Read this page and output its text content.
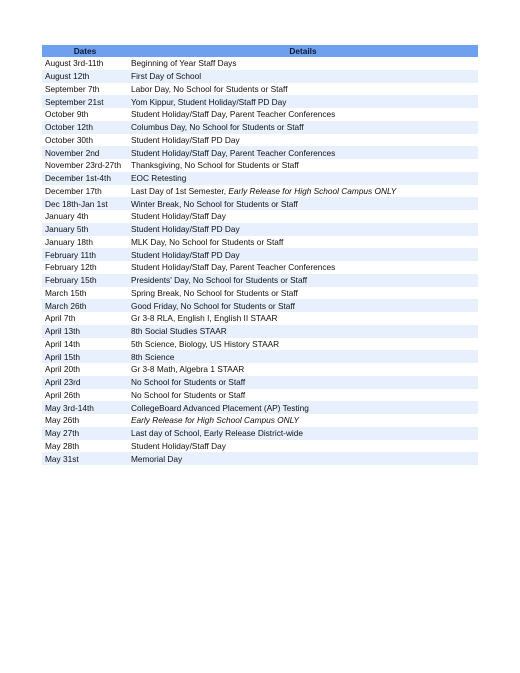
Dates	Details
August 3rd-11th	Beginning of Year Staff Days
August 12th	First Day of School
September 7th	Labor Day, No School for Students or Staff
September 21st	Yom Kippur, Student Holiday/Staff PD Day
October 9th	Student Holiday/Staff Day, Parent Teacher Conferences
October 12th	Columbus Day, No School for Students or Staff
October 30th	Student Holiday/Staff PD Day
November 2nd	Student Holiday/Staff Day, Parent Teacher Conferences
November 23rd-27th	Thanksgiving, No School for Students or Staff
December 1st-4th	EOC Retesting
December 17th	Last Day of 1st Semester, Early Release for High School Campus ONLY
Dec 18th-Jan 1st	Winter Break, No School for Students or Staff
January 4th	Student Holiday/Staff Day
January 5th	Student Holiday/Staff PD Day
January 18th	MLK Day, No School for Students or Staff
February 11th	Student Holiday/Staff PD Day
February 12th	Student Holiday/Staff Day, Parent Teacher Conferences
February 15th	Presidents' Day, No School for Students or Staff
March 15th	Spring Break, No School for Students or Staff
March 26th	Good Friday, No School for Students or Staff
April 7th	Gr 3-8 RLA, English I, English II STAAR
April 13th	8th Social Studies STAAR
April 14th	5th Science, Biology, US History STAAR
April 15th	8th Science
April 20th	Gr 3-8 Math, Algebra 1 STAAR
April 23rd	No School for Students or Staff
April 26th	No School for Students or Staff
May 3rd-14th	CollegeBoard Advanced Placement (AP) Testing
May 26th	Early Release for High School Campus ONLY
May 27th	Last day of School, Early Release District-wide
May 28th	Student Holiday/Staff Day
May 31st	Memorial Day
